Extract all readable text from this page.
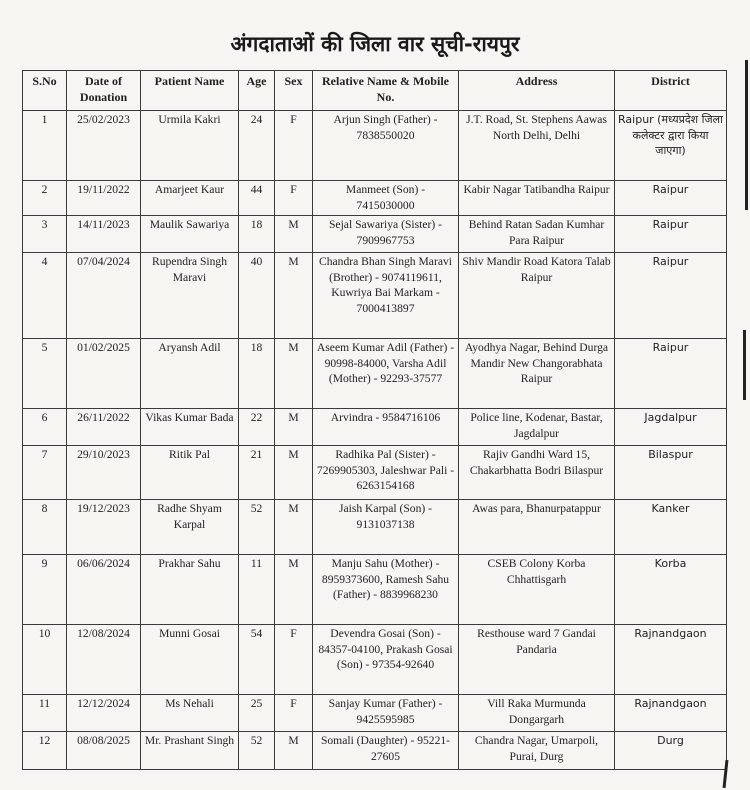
अंगदाताओं की जिला वार सूची-रायपुर
S.No	Date of Donation	Patient Name	Age	Sex	Relative Name & Mobile No.	Address	District
1	25/02/2023	Urmila Kakri	24	F	Arjun Singh (Father) - 7838550020	J.T. Road, St. Stephens Aawas North Delhi, Delhi	Raipur (मध्यप्रदेश जिला कलेक्टर द्वारा किया जाएगा)
2	19/11/2022	Amarjeet Kaur	44	F	Manmeet (Son) - 7415030000	Kabir Nagar Tatibandha Raipur	Raipur
3	14/11/2023	Maulik Sawariya	18	M	Sejal Sawariya (Sister) - 7909967753	Behind Ratan Sadan Kumhar Para Raipur	Raipur
4	07/04/2024	Rupendra Singh Maravi	40	M	Chandra Bhan Singh Maravi (Brother) - 9074119611, Kuwriya Bai Markam - 7000413897	Shiv Mandir Road Katora Talab Raipur	Raipur
5	01/02/2025	Aryansh Adil	18	M	Aseem Kumar Adil (Father) - 90998-84000, Varsha Adil (Mother) - 92293-37577	Ayodhya Nagar, Behind Durga Mandir New Changorabhata Raipur	Raipur
6	26/11/2022	Vikas Kumar Bada	22	M	Arvindra - 9584716106	Police line, Kodenar, Bastar, Jagdalpur	Jagdalpur
7	29/10/2023	Ritik Pal	21	M	Radhika Pal (Sister) - 7269905303, Jaleshwar Pali - 6263154168	Rajiv Gandhi Ward 15, Chakarbhatta Bodri Bilaspur	Bilaspur
8	19/12/2023	Radhe Shyam Karpal	52	M	Jaish Karpal (Son) - 9131037138	Awas para, Bhanurpatappur	Kanker
9	06/06/2024	Prakhar Sahu	11	M	Manju Sahu (Mother) - 8959373600, Ramesh Sahu (Father) - 8839968230	CSEB Colony Korba Chhattisgarh	Korba
10	12/08/2024	Munni Gosai	54	F	Devendra Gosai (Son) - 84357-04100, Prakash Gosai (Son) - 97354-92640	Resthouse ward 7 Gandai Pandaria	Rajnandgaon
11	12/12/2024	Ms Nehali	25	F	Sanjay Kumar (Father) - 9425595985	Vill Raka Murmunda Dongargarh	Rajnandgaon
12	08/08/2025	Mr. Prashant Singh	52	M	Somali (Daughter) - 95221-27605	Chandra Nagar, Umarpoli, Purai, Durg	Durg
